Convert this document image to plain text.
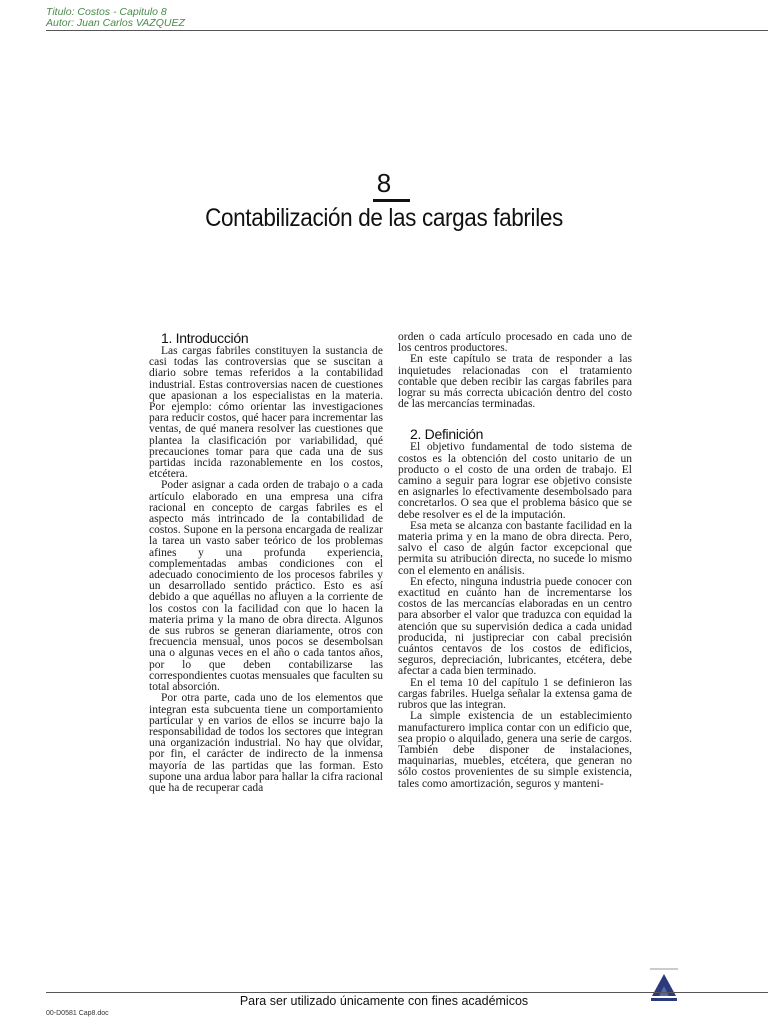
Titulo: Costos - Capitulo 8
Autor: Juan Carlos VAZQUEZ
8
Contabilización de las cargas fabriles

1. Introducción

Las cargas fabriles constituyen la sustancia de casi todas las controversias que se suscitan a diario sobre temas referidos a la contabilidad industrial. Estas controversias nacen de cuestiones que apasionan a los especialistas en la materia. Por ejemplo: cómo orientar las investigaciones para reducir costos, qué hacer para incrementar las ventas, de qué manera resolver las cuestiones que plantea la clasificación por variabilidad, qué precauciones tomar para que cada una de sus partidas incida razonablemente en los costos, etcétera.

Poder asignar a cada orden de trabajo o a cada artículo elaborado en una empresa una cifra racional en concepto de cargas fabriles es el aspecto más intrincado de la contabilidad de costos. Supone en la persona encargada de realizar la tarea un vasto saber teórico de los problemas afines y una profunda experiencia, complementadas ambas condiciones con el adecuado conocimiento de los procesos fabriles y un desarrollado sentido práctico. Esto es así debido a que aquéllas no afluyen a la corriente de los costos con la facilidad con que lo hacen la materia prima y la mano de obra directa. Algunos de sus rubros se generan diariamente, otros con frecuencia mensual, unos pocos se desembolsan una o algunas veces en el año o cada tantos años, por lo que deben contabilizarse las correspondientes cuotas mensuales que faculten su total absorción.

Por otra parte, cada uno de los elementos que integran esta subcuenta tiene un comportamiento particular y en varios de ellos se incurre bajo la responsabilidad de todos los sectores que integran una organización industrial. No hay que olvidar, por fin, el carácter de indirecto de la inmensa mayoría de las partidas que las forman. Esto supone una ardua labor para hallar la cifra racional que ha de recuperar cada

orden o cada artículo procesado en cada uno de los centros productores.

En este capítulo se trata de responder a las inquietudes relacionadas con el tratamiento contable que deben recibir las cargas fabriles para lograr su más correcta ubicación dentro del costo de las mercancías terminadas.

2. Definición

El objetivo fundamental de todo sistema de costos es la obtención del costo unitario de un producto o el costo de una orden de trabajo. El camino a seguir para lograr ese objetivo consiste en asignarles lo efectivamente desembolsado para concretarlos. O sea que el problema básico que se debe resolver es el de la imputación.

Esa meta se alcanza con bastante facilidad en la materia prima y en la mano de obra directa. Pero, salvo el caso de algún factor excepcional que permita su atribución directa, no sucede lo mismo con el elemento en análisis.

En efecto, ninguna industria puede conocer con exactitud en cuánto han de incrementarse los costos de las mercancías elaboradas en un centro para absorber el valor que traduzca con equidad la atención que su supervisión dedica a cada unidad producida, ni justipreciar con cabal precisión cuántos centavos de los costos de edificios, seguros, depreciación, lubricantes, etcétera, debe afectar a cada bien terminado.

En el tema 10 del capítulo 1 se definieron las cargas fabriles. Huelga señalar la extensa gama de rubros que las integran.

La simple existencia de un establecimiento manufacturero implica contar con un edificio que, sea propio o alquilado, genera una serie de cargos. También debe disponer de instalaciones, maquinarias, muebles, etcétera, que generan no sólo costos provenientes de su simple existencia, tales como amortización, seguros y manteni-

Para ser utilizado únicamente con fines académicos
00-D0581 Cap8.doc
